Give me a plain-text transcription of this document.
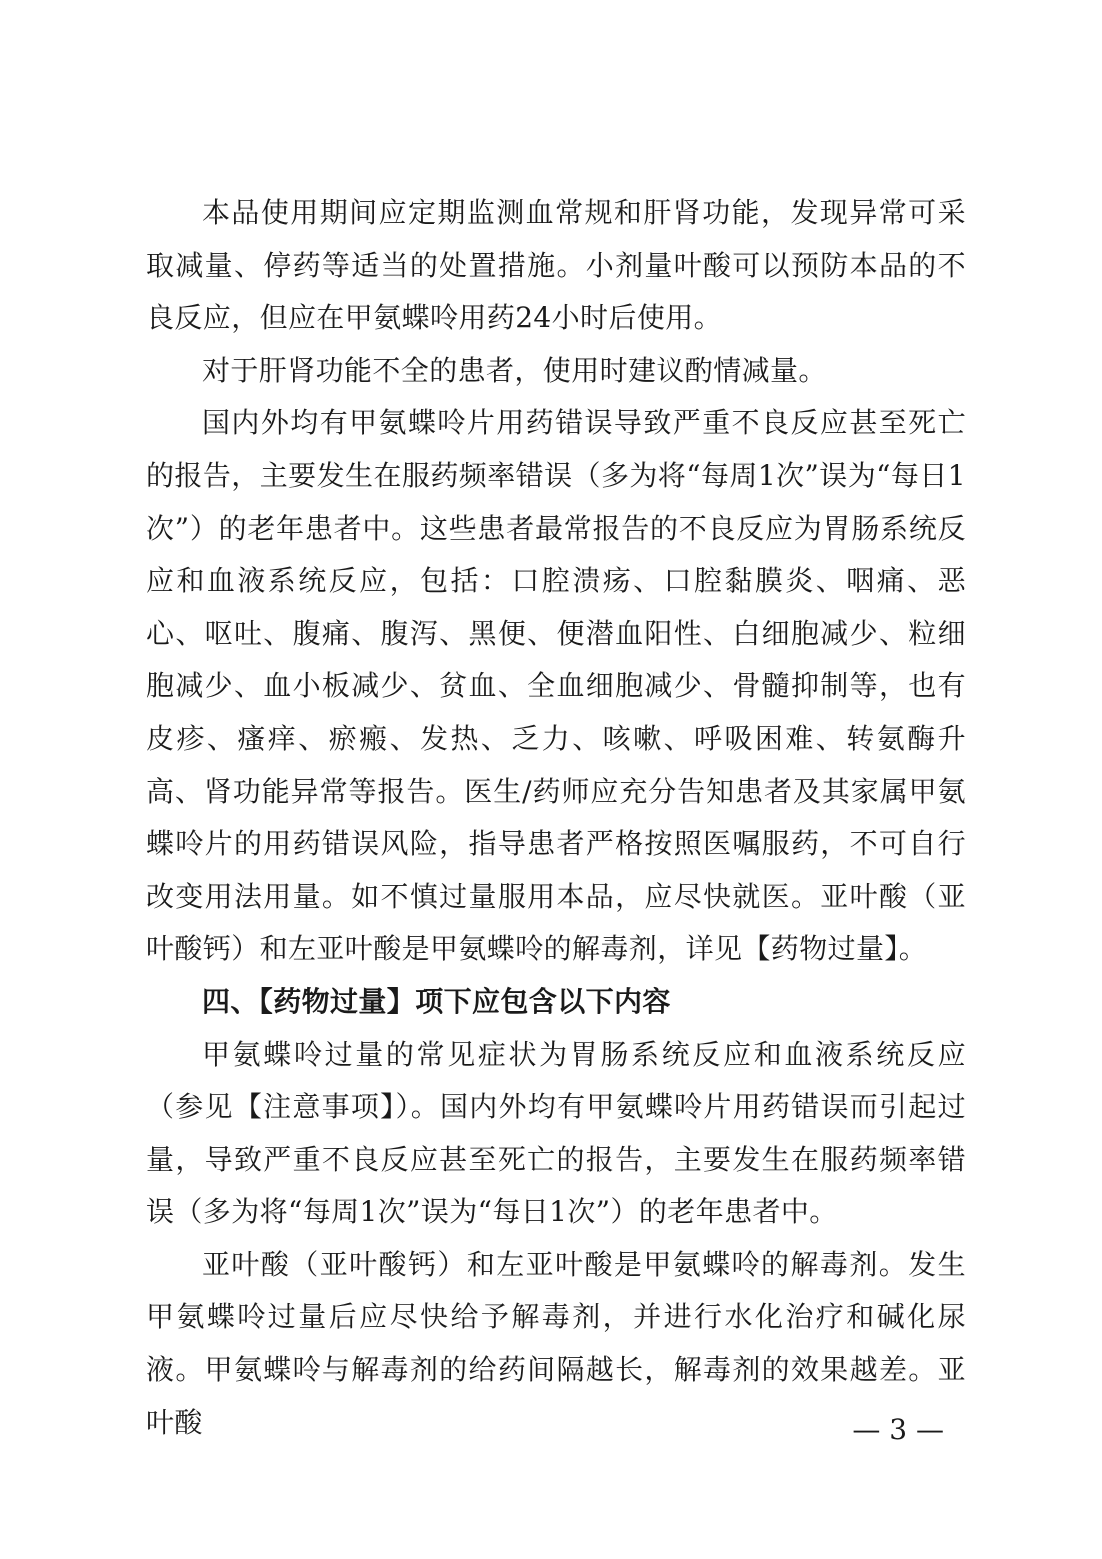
本品使用期间应定期监测血常规和肝肾功能，发现异常可采取减量、停药等适当的处置措施。小剂量叶酸可以预防本品的不良反应，但应在甲氨蝶呤用药24小时后使用。

对于肝肾功能不全的患者，使用时建议酌情减量。

国内外均有甲氨蝶呤片用药错误导致严重不良反应甚至死亡的报告，主要发生在服药频率错误（多为将“每周1次”误为“每日1次”）的老年患者中。这些患者最常报告的不良反应为胃肠系统反应和血液系统反应，包括：口腔溃疡、口腔黏膜炎、咽痛、恶心、呕吐、腹痛、腹泻、黑便、便潜血阳性、白细胞减少、粒细胞减少、血小板减少、贫血、全血细胞减少、骨髓抑制等，也有皮疹、瘙痒、瘀瘢、发热、乏力、咳嗽、呼吸困难、转氨酶升高、肾功能异常等报告。医生/药师应充分告知患者及其家属甲氨蝶呤片的用药错误风险，指导患者严格按照医嘱服药，不可自行改变用法用量。如不慎过量服用本品，应尽快就医。亚叶酸（亚叶酸钙）和左亚叶酸是甲氨蝶呤的解毒剂，详见【药物过量】。

四、【药物过量】项下应包含以下内容

甲氨蝶呤过量的常见症状为胃肠系统反应和血液系统反应（参见【注意事项】）。国内外均有甲氨蝶呤片用药错误而引起过量，导致严重不良反应甚至死亡的报告，主要发生在服药频率错误（多为将“每周1次”误为“每日1次”）的老年患者中。

亚叶酸（亚叶酸钙）和左亚叶酸是甲氨蝶呤的解毒剂。发生甲氨蝶呤过量后应尽快给予解毒剂，并进行水化治疗和碱化尿液。甲氨蝶呤与解毒剂的给药间隔越长，解毒剂的效果越差。亚叶酸	— 3 —
